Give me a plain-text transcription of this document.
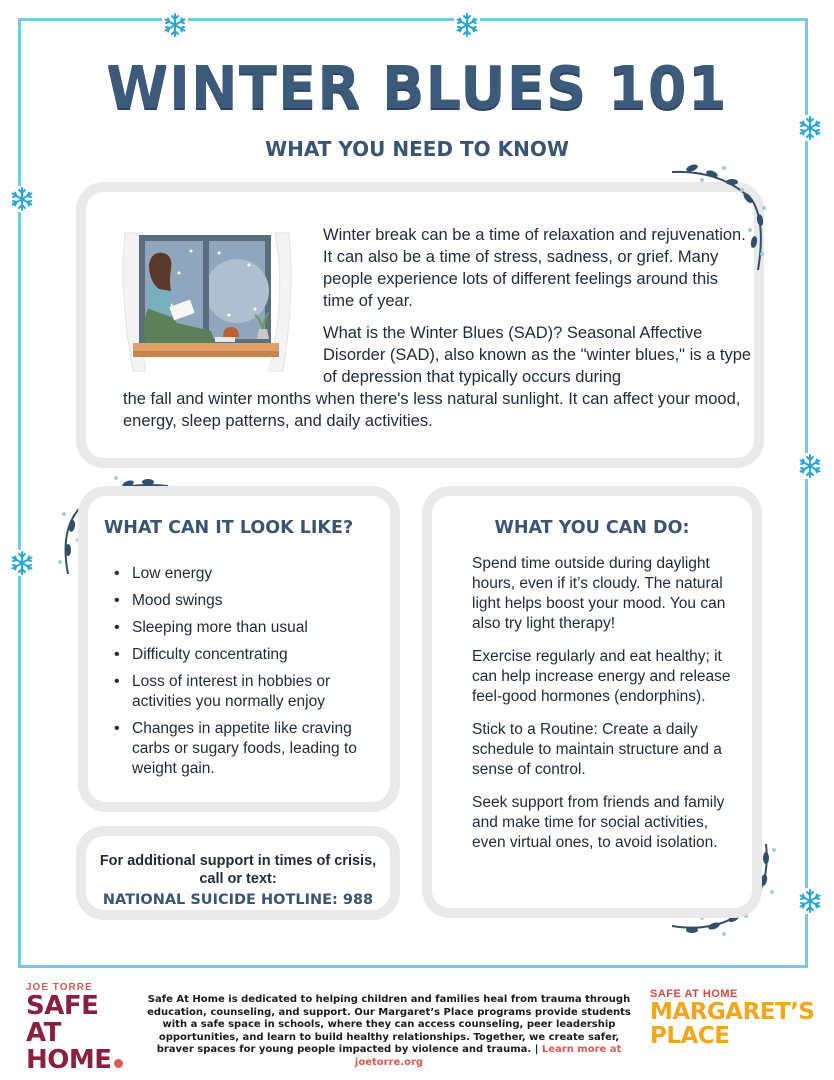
WINTER BLUES 101
WHAT YOU NEED TO KNOW
Winter break can be a time of relaxation and rejuvenation. It can also be a time of stress, sadness, or grief. Many people experience lots of different feelings around this time of year.
What is the Winter Blues (SAD)? Seasonal Affective Disorder (SAD), also known as the "winter blues," is a type of depression that typically occurs during
the fall and winter months when there's less natural sunlight. It can affect your mood, energy, sleep patterns, and daily activities.
WHAT CAN IT LOOK LIKE?
• Low energy
• Mood swings
• Sleeping more than usual
• Difficulty concentrating
• Loss of interest in hobbies or activities you normally enjoy
• Changes in appetite like craving carbs or sugary foods, leading to weight gain.
WHAT YOU CAN DO:

Spend time outside during daylight hours, even if it’s cloudy. The natural light helps boost your mood. You can also try light therapy!

Exercise regularly and eat healthy; it can help increase energy and release feel-good hormones (endorphins).

Stick to a Routine: Create a daily schedule to maintain structure and a sense of control.

Seek support from friends and family and make time for social activities, even virtual ones, to avoid isolation.

For additional support in times of crisis, call or text:
NATIONAL SUICIDE HOTLINE: 988
JOE TORRE
SAFE AT
HOME
Safe At Home is dedicated to helping children and families heal from trauma through education, counseling, and support. Our Margaret’s Place programs provide students with a safe space in schools, where they can access counseling, peer leadership opportunities, and learn to build healthy relationships. Together, we create safer, braver spaces for young people impacted by violence and trauma. | Learn more at joetorre.org
SAFE AT HOME
MARGARET’S
PLACE
